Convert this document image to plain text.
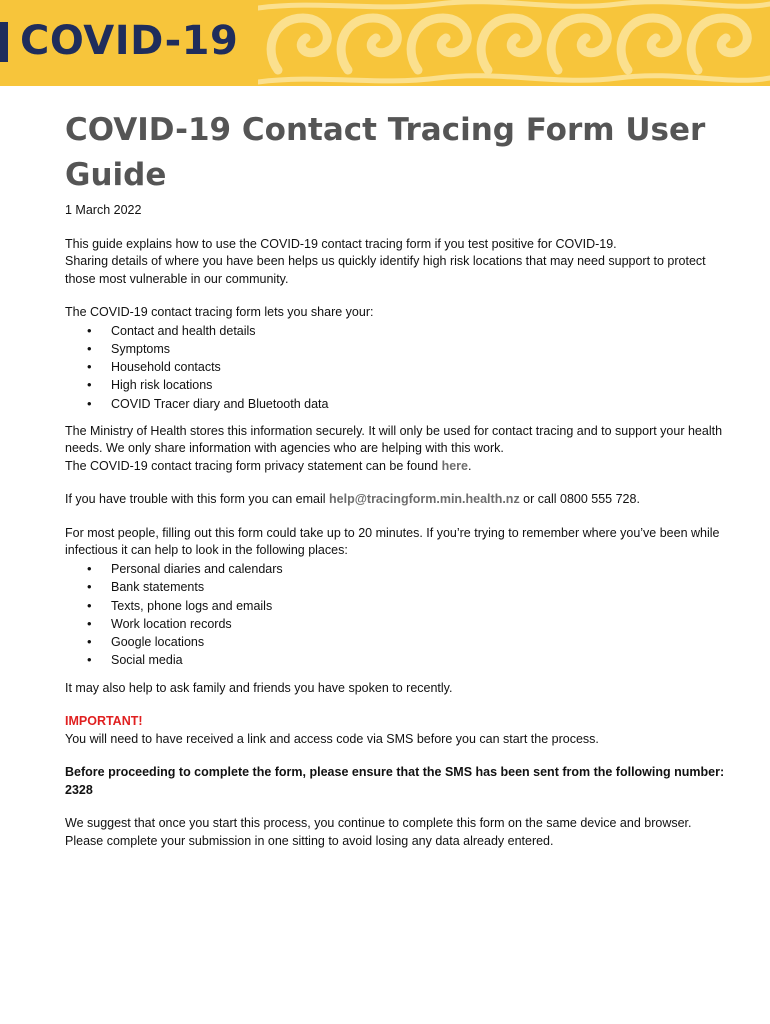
COVID-19
COVID-19 Contact Tracing Form User Guide

1 March 2022

This guide explains how to use the COVID-19 contact tracing form if you test positive for COVID-19.

Sharing details of where you have been helps us quickly identify high risk locations that may need support to protect those most vulnerable in our community.

The COVID-19 contact tracing form lets you share your:

• Contact and health details
• Symptoms
• Household contacts
• High risk locations
• COVID Tracer diary and Bluetooth data

The Ministry of Health stores this information securely. It will only be used for contact tracing and to support your health needs. We only share information with agencies who are helping with this work.

The COVID-19 contact tracing form privacy statement can be found here.

If you have trouble with this form you can email help@tracingform.min.health.nz or call 0800 555 728.

For most people, filling out this form could take up to 20 minutes. If you’re trying to remember where you’ve been while infectious it can help to look in the following places:

• Personal diaries and calendars
• Bank statements
• Texts, phone logs and emails
• Work location records
• Google locations
• Social media

It may also help to ask family and friends you have spoken to recently.

IMPORTANT!

You will need to have received a link and access code via SMS before you can start the process.

Before proceeding to complete the form, please ensure that the SMS has been sent from the following number: 2328

We suggest that once you start this process, you continue to complete this form on the same device and browser. Please complete your submission in one sitting to avoid losing any data already entered.
